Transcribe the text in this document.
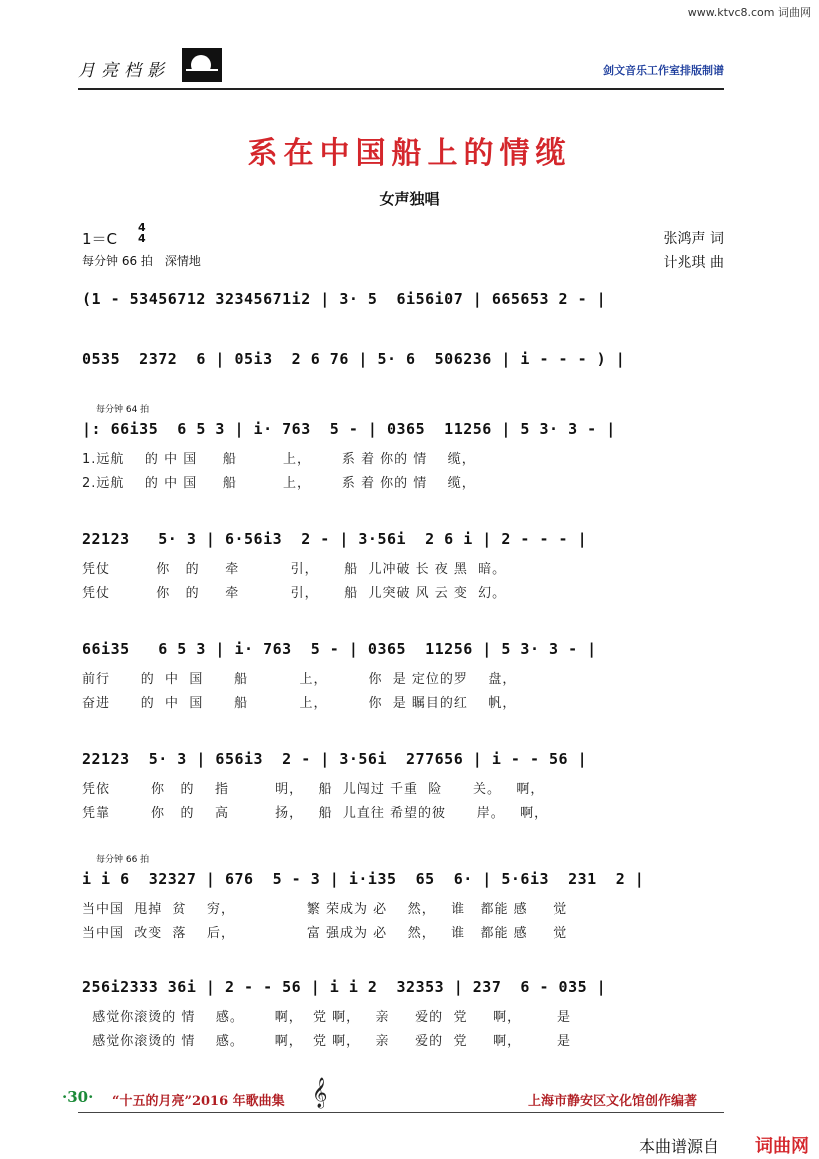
www.ktvc8.com 词曲网
月亮档影	剑文音乐工作室排版制谱
系在中国船上的情缆
女声独唱
1＝C
4
4
每分钟 66 拍　深情地
张鸿声 词
计兆琪 曲
(1 - 53456712 32345671i2 | 3· 5  6i56i07 | 665653 2 - |
0535  2372  6 | 05i3  2 6 76 | 5· 6  506236 | i - - - ) |
每分钟 64 拍
|: 66i35  6 5 3 | i· 763  5 - | 0365  11256 | 5 3· 3 - |
1.远航    的 中 国     船         上，      系 着 你的 情    缆，
2.远航    的 中 国     船         上，      系 着 你的 情    缆，
22123   5· 3 | 6·56i3  2 - | 3·56i  2 6 i | 2 - - - |
凭仗         你   的     牵          引，     船  儿冲破 长 夜 黑  暗。
凭仗         你   的     牵          引，     船  儿突破 风 云 变  幻。
66i35   6 5 3 | i· 763  5 - | 0365  11256 | 5 3· 3 - |
前行      的  中  国      船          上，        你  是 定位的罗    盘，
奋进      的  中  国      船          上，        你  是 瞩目的红    帆，
22123  5· 3 | 656i3  2 - | 3·56i  277656 | i - - 56 |
凭依        你   的    指         明，   船  儿闯过 千重  险      关。   啊，
凭靠        你   的    高         扬，   船  儿直往 希望的彼      岸。   啊，
每分钟 66 拍
i i 6  32327 | 676  5 - 3 | i·i35  65  6· | 5·6i3  231  2 |
当中国  甩掉  贫    穷，              繁 荣成为 必    然，   谁   都能 感     觉
当中国  改变  落    后，              富 强成为 必    然，   谁   都能 感     觉
256i2333 36i | 2 - - 56 | i i 2  32353 | 237  6 - 035 |
感觉你滚烫的 情    感。      啊，  党 啊，   亲     爱的  党     啊，       是
感觉你滚烫的 情    感。      啊，  党 啊，   亲     爱的  党     啊，       是
·30· “十五的月亮”2016 年歌曲集 𝄞	上海市静安区文化馆创作编著
本曲谱源自 词曲网
